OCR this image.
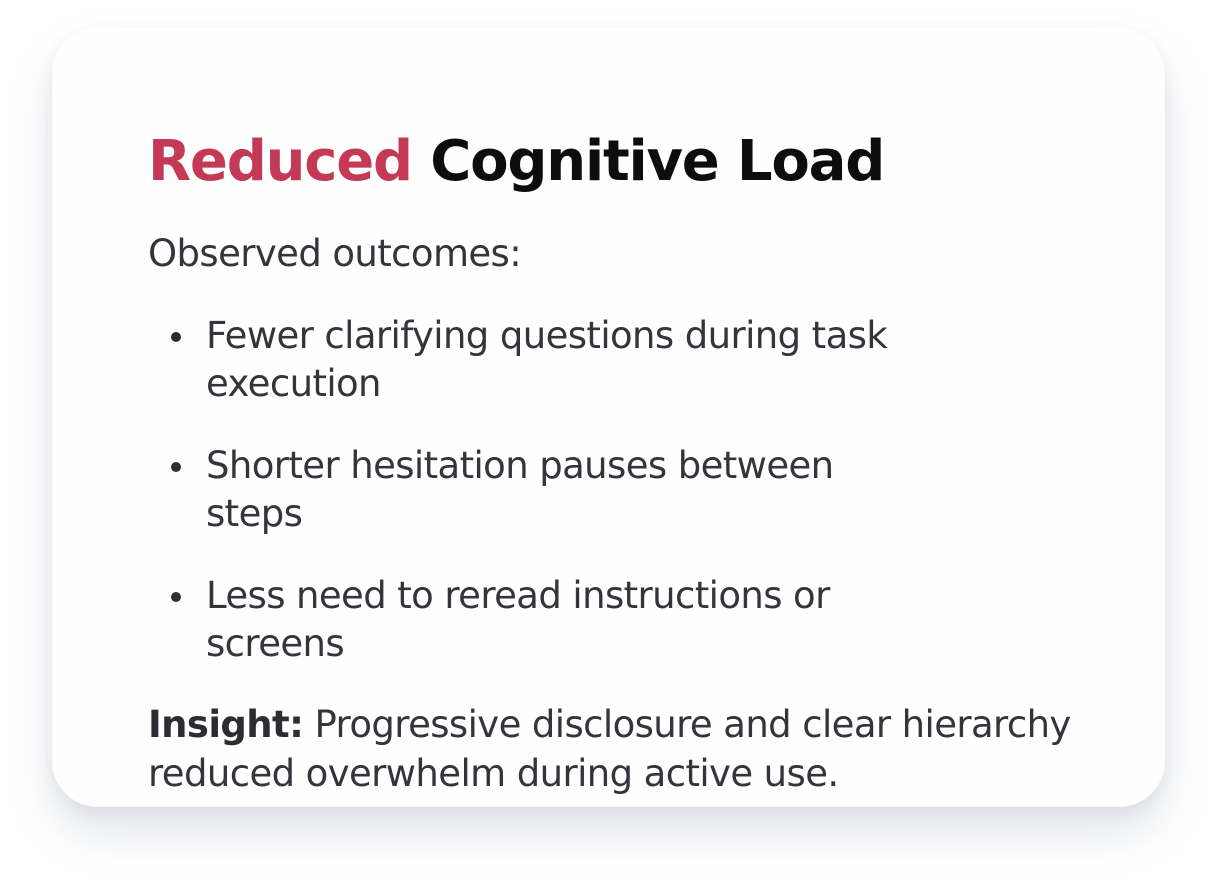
Reduced Cognitive Load

Observed outcomes:

Fewer clarifying questions during task execution
Shorter hesitation pauses between steps
Less need to reread instructions or screens

Insight: Progressive disclosure and clear hierarchy reduced overwhelm during active use.
